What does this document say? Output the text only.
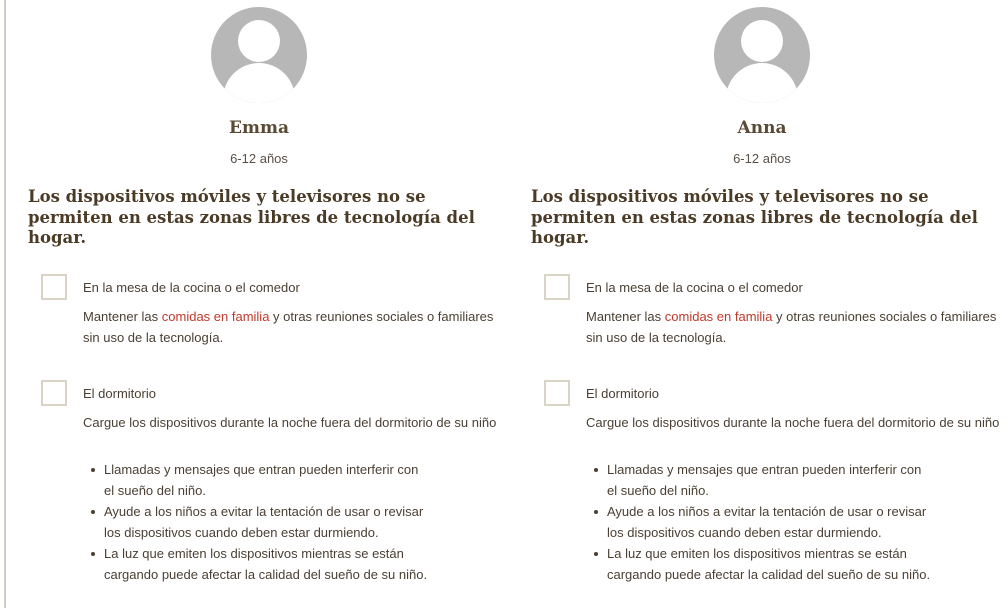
Emma
6-12 años
Los dispositivos móviles y televisores no se permiten en estas zonas libres de tecnología del hogar.
En la mesa de la cocina o el comedor

Mantener las comidas en familia y otras reuniones sociales o familiares sin uso de la tecnología.

El dormitorio

Cargue los dispositivos durante la noche fuera del dormitorio de su niño

Llamadas y mensajes que entran pueden interferir con
el sueño del niño.
Ayude a los niños a evitar la tentación de usar o revisar
los dispositivos cuando deben estar durmiendo.
La luz que emiten los dispositivos mientras se están
cargando puede afectar la calidad del sueño de su niño.
Anna
6-12 años
Los dispositivos móviles y televisores no se permiten en estas zonas libres de tecnología del hogar.
En la mesa de la cocina o el comedor

Mantener las comidas en familia y otras reuniones sociales o familiares sin uso de la tecnología.

El dormitorio

Cargue los dispositivos durante la noche fuera del dormitorio de su niño

Llamadas y mensajes que entran pueden interferir con
el sueño del niño.
Ayude a los niños a evitar la tentación de usar o revisar
los dispositivos cuando deben estar durmiendo.
La luz que emiten los dispositivos mientras se están
cargando puede afectar la calidad del sueño de su niño.
